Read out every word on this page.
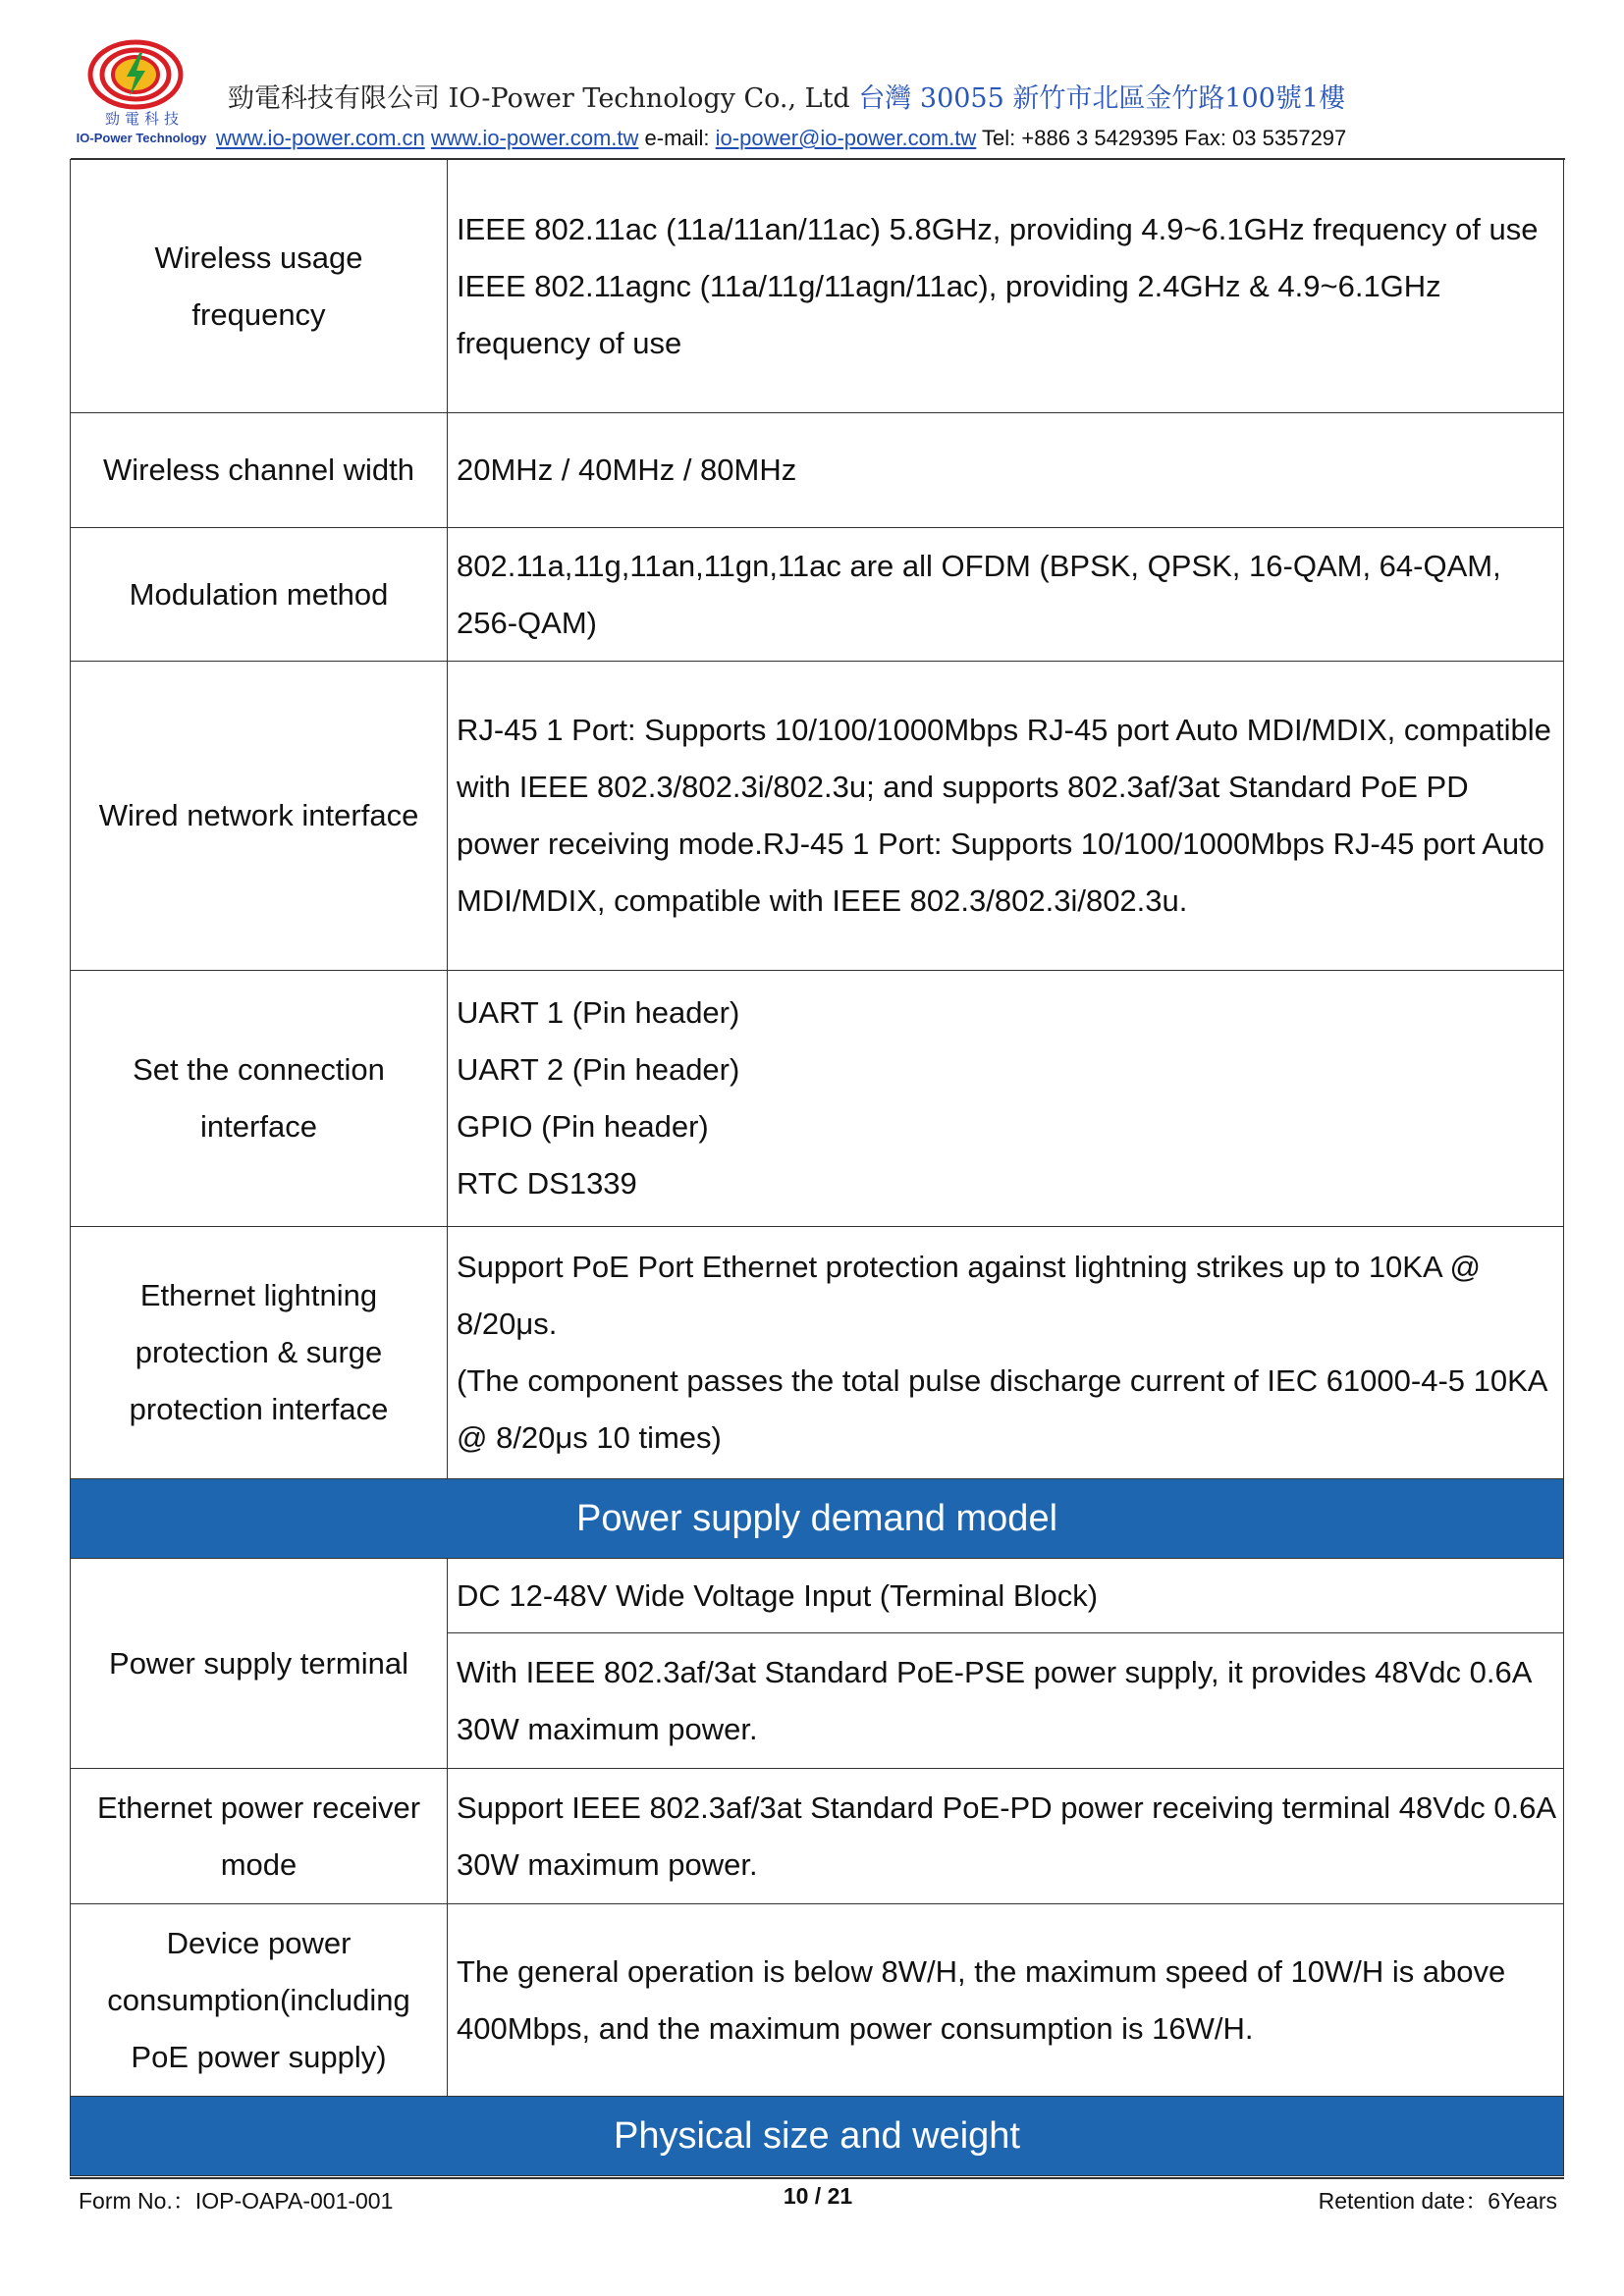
勁電科技
IO-Power Technology
勁電科技有限公司 IO-Power Technology Co., Ltd 台灣 30055 新竹市北區金竹路100號1樓
www.io-power.com.cn www.io-power.com.tw e-mail: io-power@io-power.com.tw Tel: +886 3 5429395 Fax: 03 5357297
Wireless usage frequency	IEEE 802.11ac (11a/11an/11ac) 5.8GHz, providing 4.9~6.1GHz frequency of use

IEEE 802.11agnc (11a/11g/11agn/11ac), providing 2.4GHz & 4.9~6.1GHz frequency of use

Wireless channel width	20MHz / 40MHz / 80MHz

Modulation method	802.11a,11g,11an,11gn,11ac are all OFDM (BPSK, QPSK, 16-QAM, 64-QAM, 256-QAM)

Wired network interface	RJ-45 1 Port: Supports 10/100/1000Mbps RJ-45 port Auto MDI/MDIX, compatible with IEEE 802.3/802.3i/802.3u; and supports 802.3af/3at Standard PoE PD power receiving mode.RJ-45 1 Port: Supports 10/100/1000Mbps RJ-45 port Auto MDI/MDIX, compatible with IEEE 802.3/802.3i/802.3u.

Set the connection interface	UART 1 (Pin header)

UART 2 (Pin header)

GPIO (Pin header)

RTC DS1339

Ethernet lightning protection & surge protection interface	Support PoE Port Ethernet protection against lightning strikes up to 10KA @ 8/20μs.

(The component passes the total pulse discharge current of IEC 61000-4-5 10KA @ 8/20μs 10 times)

Power supply demand model	
Power supply terminal	DC 12-48V Wide Voltage Input (Terminal Block)

	With IEEE 802.3af/3at Standard PoE-PSE power supply, it provides 48Vdc 0.6A 30W maximum power.

Ethernet power receiver mode	Support IEEE 802.3af/3at Standard PoE-PD power receiving terminal 48Vdc 0.6A 30W maximum power.

Device power consumption(including PoE power supply)	The general operation is below 8W/H, the maximum speed of 10W/H is above 400Mbps, and the maximum power consumption is 16W/H.

Physical size and weight	
Form No.：IOP-OAPA-001-001	10 / 21	Retention date：6Years
